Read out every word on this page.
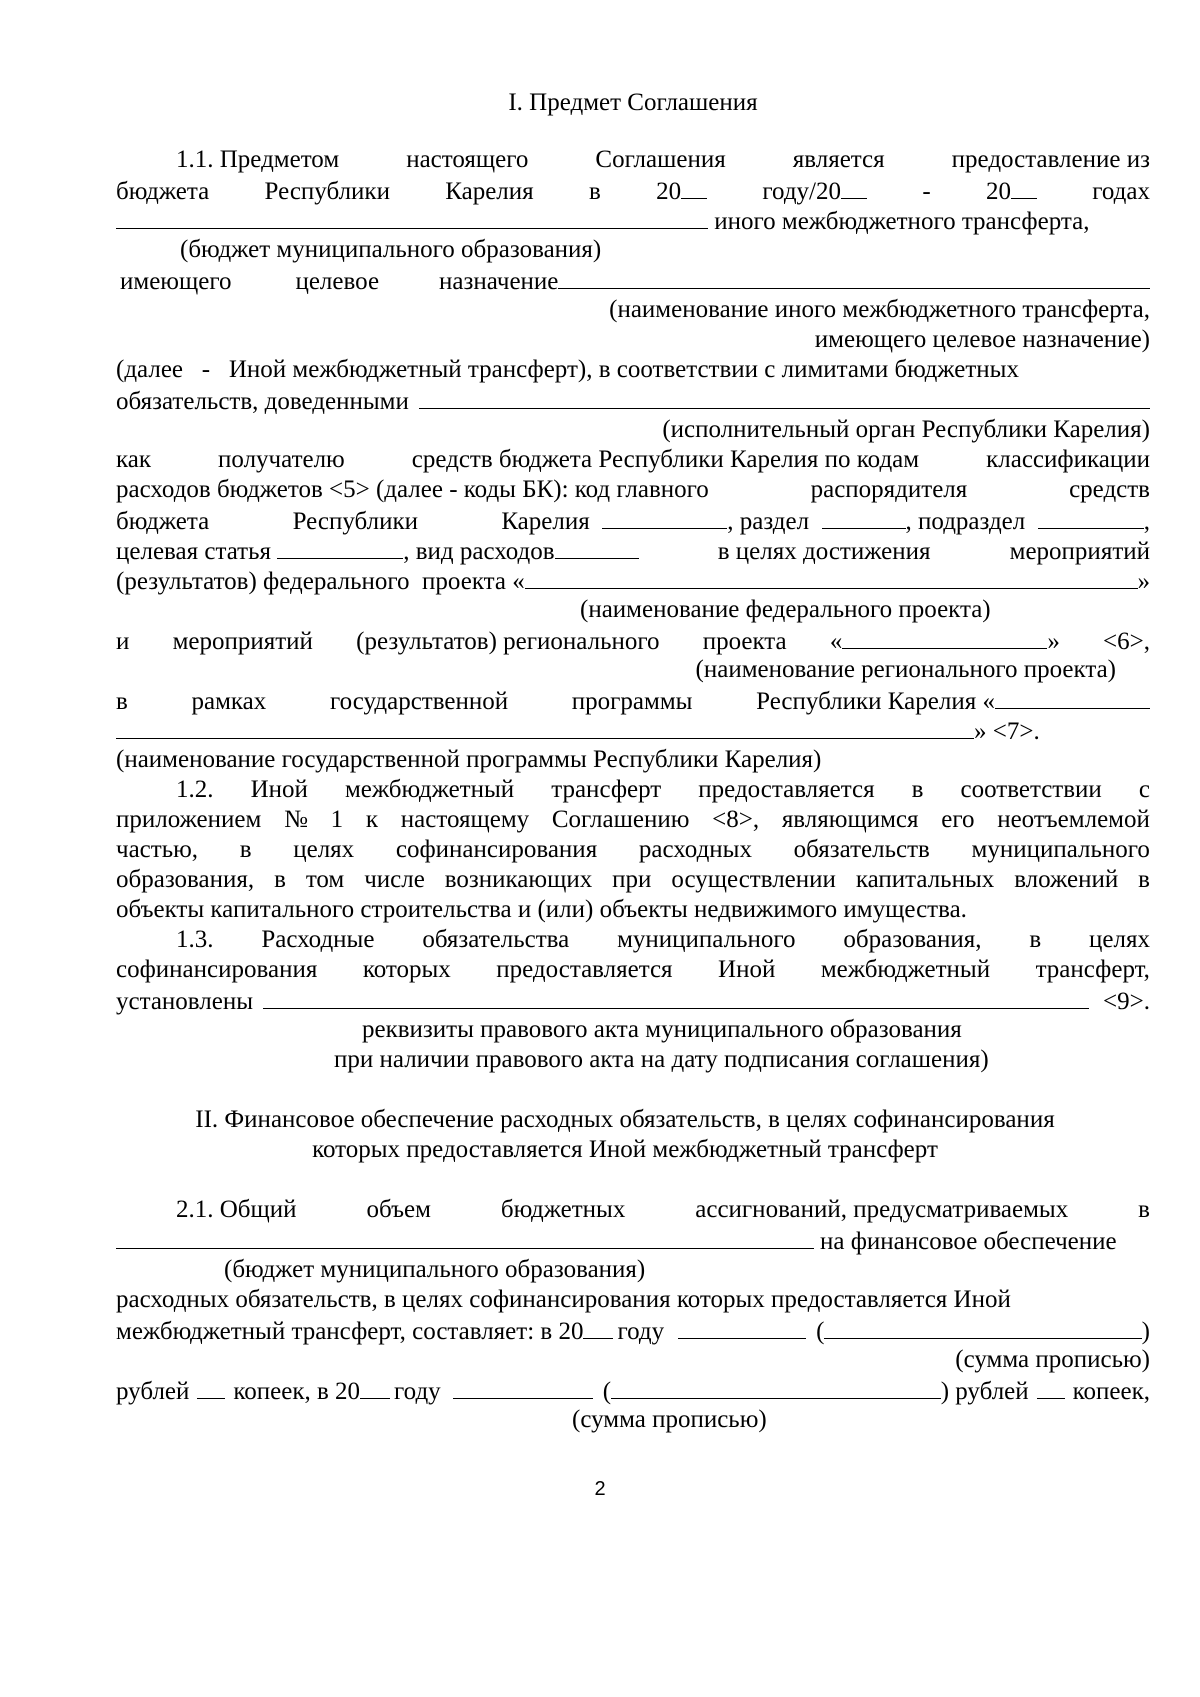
I. Предмет Соглашения
1.1. Предметом	настоящего	Соглашения	является	предоставление из
бюджета Республики Карелия в 20	году/20	- 20	годах
иного межбюджетного трансферта,
(бюджет муниципального образования)
имеющего	целевое назначение
(наименование иного межбюджетного трансферта,
имеющего целевое назначение)
(далее - Иной межбюджетный трансферт), в соответствии с лимитами бюджетных
обязательств, доведенными
(исполнительный орган Республики Карелия)
как	получателю	средств бюджета Республики Карелия по кодам	классификации
расходов бюджетов <5> (далее - коды БК): код главного	распорядителя	средств
бюджета	Республики	Карелия	, раздел	, подраздел	,
целевая статья	, вид расходов	в целях достижения	мероприятий
(результатов) федерального
проекта «	»
(наименование федерального проекта)
и мероприятий (результатов) регионального проекта «	» <6>,
(наименование регионального проекта)
в	рамках	государственной	программы	Республики Карелия «
» <7>.
(наименование государственной программы Республики Карелия)
1.2. Иной межбюджетный трансферт предоставляется в соответствии с
приложением № 1 к настоящему Соглашению <8>, являющимся его неотъемлемой
частью, в целях софинансирования расходных обязательств муниципального
образования, в том числе возникающих при осуществлении капитальных вложений в
объекты капитального строительства и (или) объекты недвижимого имущества.
1.3. Расходные обязательства муниципального образования, в целях
софинансирования которых предоставляется Иной межбюджетный трансферт,
установлены	<9>.
реквизиты правового акта муниципального образования
при наличии правового акта на дату подписания соглашения)
II. Финансовое обеспечение расходных обязательств, в целях софинансирования
которых предоставляется Иной межбюджетный трансферт
2.1. Общий	объем	бюджетных	ассигнований, предусматриваемых	в
на финансовое обеспечение
(бюджет муниципального образования)
расходных обязательств, в целях софинансирования которых предоставляется Иной
межбюджетный трансферт, составляет: в 20 году	(	)
(сумма прописью)
рублей копеек, в 20 году	(	) рублей копеек,
(сумма прописью)
2
